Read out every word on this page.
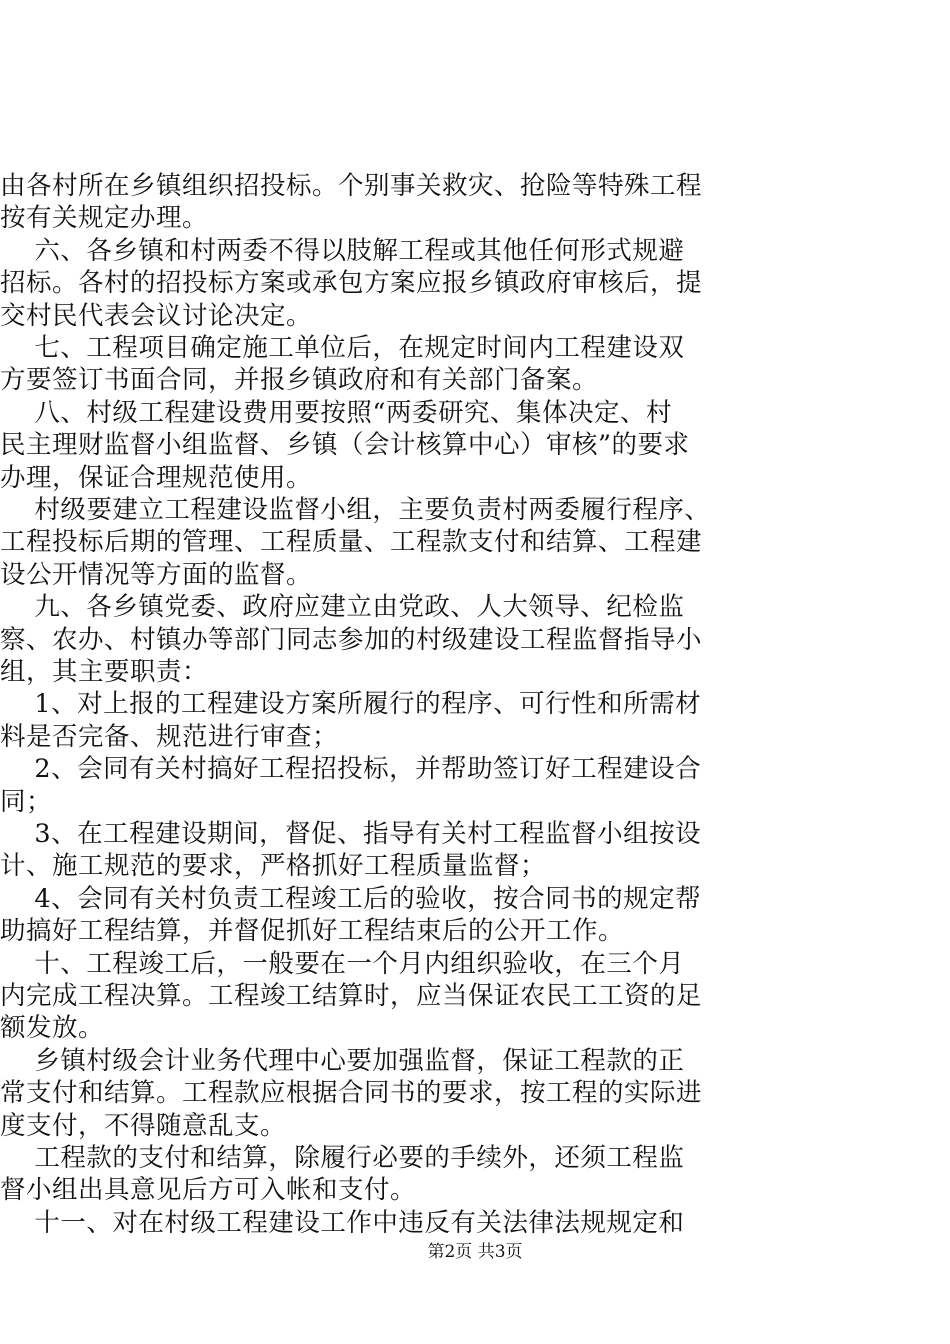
由各村所在乡镇组织招投标。个别事关救灾、抢险等特殊工程
按有关规定办理。
六、各乡镇和村两委不得以肢解工程或其他任何形式规避
招标。各村的招投标方案或承包方案应报乡镇政府审核后，提
交村民代表会议讨论决定。
七、工程项目确定施工单位后，在规定时间内工程建设双
方要签订书面合同，并报乡镇政府和有关部门备案。
八、村级工程建设费用要按照“两委研究、集体决定、村
民主理财监督小组监督、乡镇（会计核算中心）审核”的要求
办理，保证合理规范使用。
村级要建立工程建设监督小组，主要负责村两委履行程序、
工程投标后期的管理、工程质量、工程款支付和结算、工程建
设公开情况等方面的监督。
九、各乡镇党委、政府应建立由党政、人大领导、纪检监
察、农办、村镇办等部门同志参加的村级建设工程监督指导小
组，其主要职责：
1、对上报的工程建设方案所履行的程序、可行性和所需材
料是否完备、规范进行审查；
2、会同有关村搞好工程招投标，并帮助签订好工程建设合
同；
3、在工程建设期间，督促、指导有关村工程监督小组按设
计、施工规范的要求，严格抓好工程质量监督；
4、会同有关村负责工程竣工后的验收，按合同书的规定帮
助搞好工程结算，并督促抓好工程结束后的公开工作。
十、工程竣工后，一般要在一个月内组织验收，在三个月
内完成工程决算。工程竣工结算时，应当保证农民工工资的足
额发放。
乡镇村级会计业务代理中心要加强监督，保证工程款的正
常支付和结算。工程款应根据合同书的要求，按工程的实际进
度支付，不得随意乱支。
工程款的支付和结算，除履行必要的手续外，还须工程监
督小组出具意见后方可入帐和支付。
十一、对在村级工程建设工作中违反有关法律法规规定和
第2页 共3页
